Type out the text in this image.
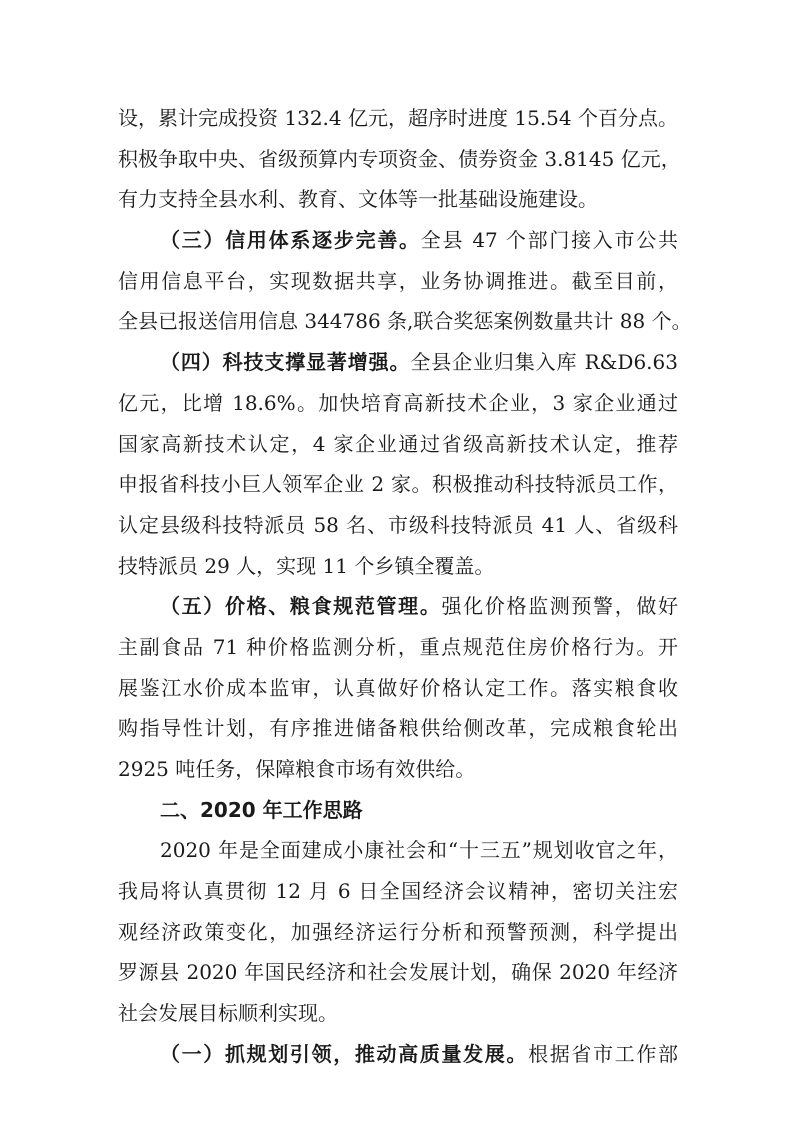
设，累计完成投资 132.4 亿元，超序时进度 15.54 个百分点。
积极争取中央、省级预算内专项资金、债券资金 3.8145 亿元，
有力支持全县水利、教育、文体等一批基础设施建设。
（三）信用体系逐步完善。全县 47 个部门接入市公共
信用信息平台，实现数据共享，业务协调推进。截至目前，
全县已报送信用信息 344786 条,联合奖惩案例数量共计 88 个。
（四）科技支撑显著增强。全县企业归集入库 R&D6.63
亿元，比增 18.6%。加快培育高新技术企业，3 家企业通过
国家高新技术认定，4 家企业通过省级高新技术认定，推荐
申报省科技小巨人领军企业 2 家。积极推动科技特派员工作，
认定县级科技特派员 58 名、市级科技特派员 41 人、省级科
技特派员 29 人，实现 11 个乡镇全覆盖。
（五）价格、粮食规范管理。强化价格监测预警，做好
主副食品 71 种价格监测分析，重点规范住房价格行为。开
展鉴江水价成本监审，认真做好价格认定工作。落实粮食收
购指导性计划，有序推进储备粮供给侧改革，完成粮食轮出
2925 吨任务，保障粮食市场有效供给。
二、2020 年工作思路
2020 年是全面建成小康社会和“十三五”规划收官之年，
我局将认真贯彻 12 月 6 日全国经济会议精神，密切关注宏
观经济政策变化，加强经济运行分析和预警预测，科学提出
罗源县 2020 年国民经济和社会发展计划，确保 2020 年经济
社会发展目标顺利实现。
（一）抓规划引领，推动高质量发展。根据省市工作部
